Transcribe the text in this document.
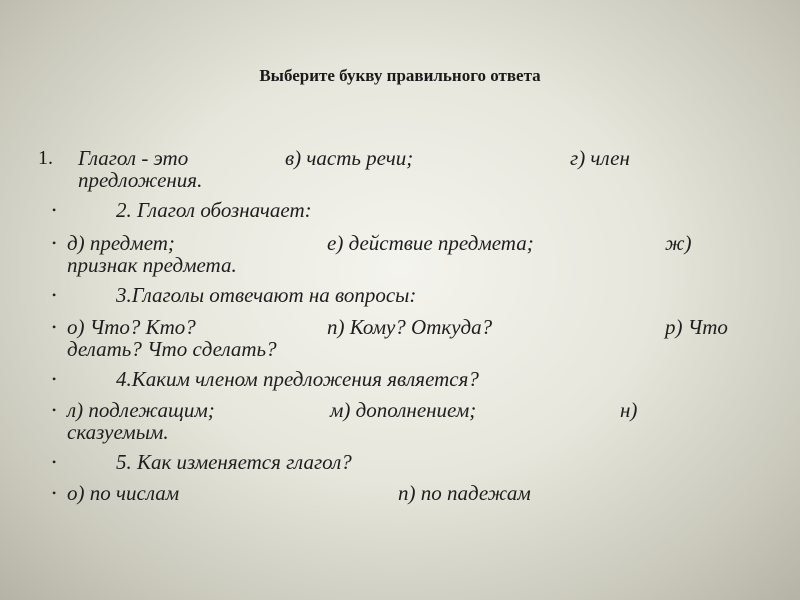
Выберите букву правильного ответа
1. Глагол - это	в) часть речи;	г) член
предложения.
•	2. Глагол обозначает:
• д) предмет;	е) действие предмета;	ж)
признак предмета.
•	3.Глаголы отвечают на вопросы:
• о) Что? Кто?	п) Кому? Откуда?	р) Что
делать? Что сделать?
•	4.Каким членом предложения является?
• л) подлежащим;	м) дополнением;	н)
сказуемым.
•	5. Как изменяется глагол?
• о) по числам	п) по падежам
